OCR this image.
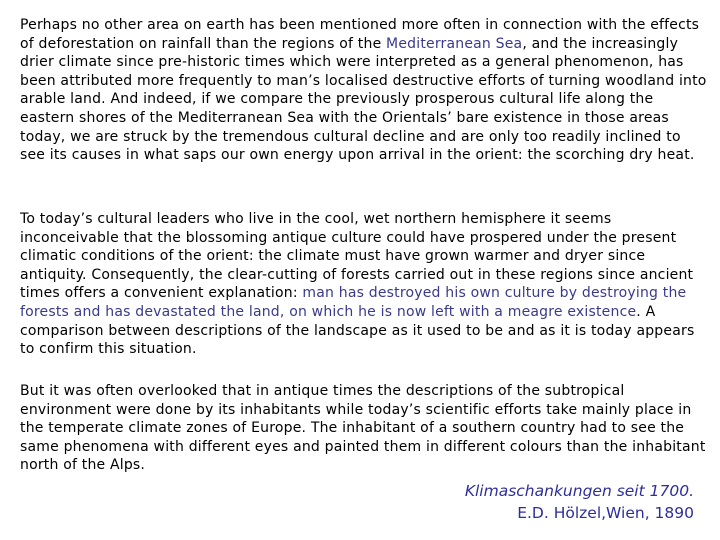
Perhaps no other area on earth has been mentioned more often in connection with the effects of deforestation on rainfall than the regions of the Mediterranean Sea, and the increasingly drier climate since pre-historic times which were interpreted as a general phenomenon, has been attributed more frequently to man’s localised destructive efforts of turning woodland into arable land. And indeed, if we compare the previously prosperous cultural life along the eastern shores of the Mediterranean Sea with the Orientals’ bare existence in those areas today, we are struck by the tremendous cultural decline and are only too readily inclined to see its causes in what saps our own energy upon arrival in the orient: the scorching dry heat.

To today’s cultural leaders who live in the cool, wet northern hemisphere it seems inconceivable that the blossoming antique culture could have prospered under the present climatic conditions of the orient: the climate must have grown warmer and dryer since antiquity. Consequently, the clear-cutting of forests carried out in these regions since ancient times offers a convenient explanation: man has destroyed his own culture by destroying the forests and has devastated the land, on which he is now left with a meagre existence. A comparison between descriptions of the landscape as it used to be and as it is today appears to confirm this situation.

But it was often overlooked that in antique times the descriptions of the subtropical environment were done by its inhabitants while today’s scientific efforts take mainly place in the temperate climate zones of Europe. The inhabitant of a southern country had to see the same phenomena with different eyes and painted them in different colours than the inhabitant north of the Alps.

Klimaschankungen seit 1700.
E.D. Hölzel,Wien, 1890
